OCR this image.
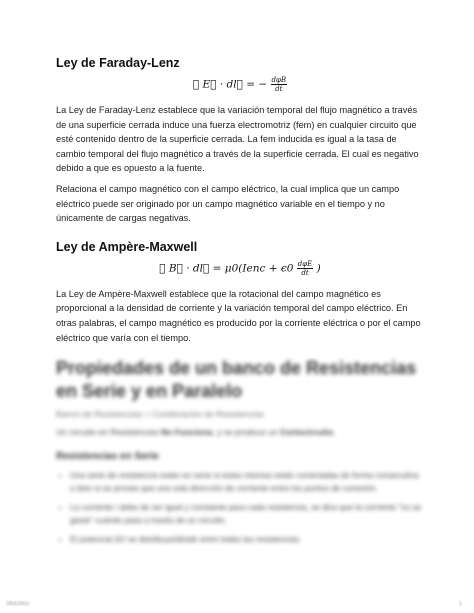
Ley de Faraday-Lenz
∮ E⃗ · dl⃗ = − $\frac{\text{dφB}}{dt}$

La Ley de Faraday-Lenz establece que la variación temporal del flujo magnético a través de una superficie cerrada induce una fuerza electromotriz (fem) en cualquier circuito que esté contenido dentro de la superficie cerrada. La fem inducida es igual a la tasa de cambio temporal del flujo magnético a través de la superficie cerrada. El cual es negativo debido a que es opuesto a la fuente.

Relaciona el campo magnético con el campo eléctrico, la cual implica que un campo eléctrico puede ser originado por un campo magnético variable en el tiempo y no únicamente de cargas negativas.

Ley de Ampère-Maxwell
∮ B⃗ · dl⃗ = μ0(Ienc + $\epsilon 0 \frac{\text{dφE}}{dt}$ )

La Ley de Ampère-Maxwell establece que la rotacional del campo magnético es proporcional a la densidad de corriente y la variación temporal del campo eléctrico. En otras palabras, el campo magnético es producido por la corriente eléctrica o por el campo eléctrico que varía con el tiempo.

Propiedades de un banco de Resistencias en Serie y en Paralelo
Banco de Resistencias > Combinación de Resistencias
Un circuito en Resistencias No Funciona, y se produce un Cortocircuito.
Resistencias en Serie
• Una serie de resistencia están en serie si estas mismas están conectadas de forma consecutiva o bien si se provee que una sola dirección de corriente entre los puntos de conexión.
• La corriente i debe de ser igual y constante para cada resistencia, se dice que la corriente "no se gasta" cuando pasa a través de un circuito.
• El potencial ΔV se distribuye/divide entre todas las resistencias.
StuDocu	1
